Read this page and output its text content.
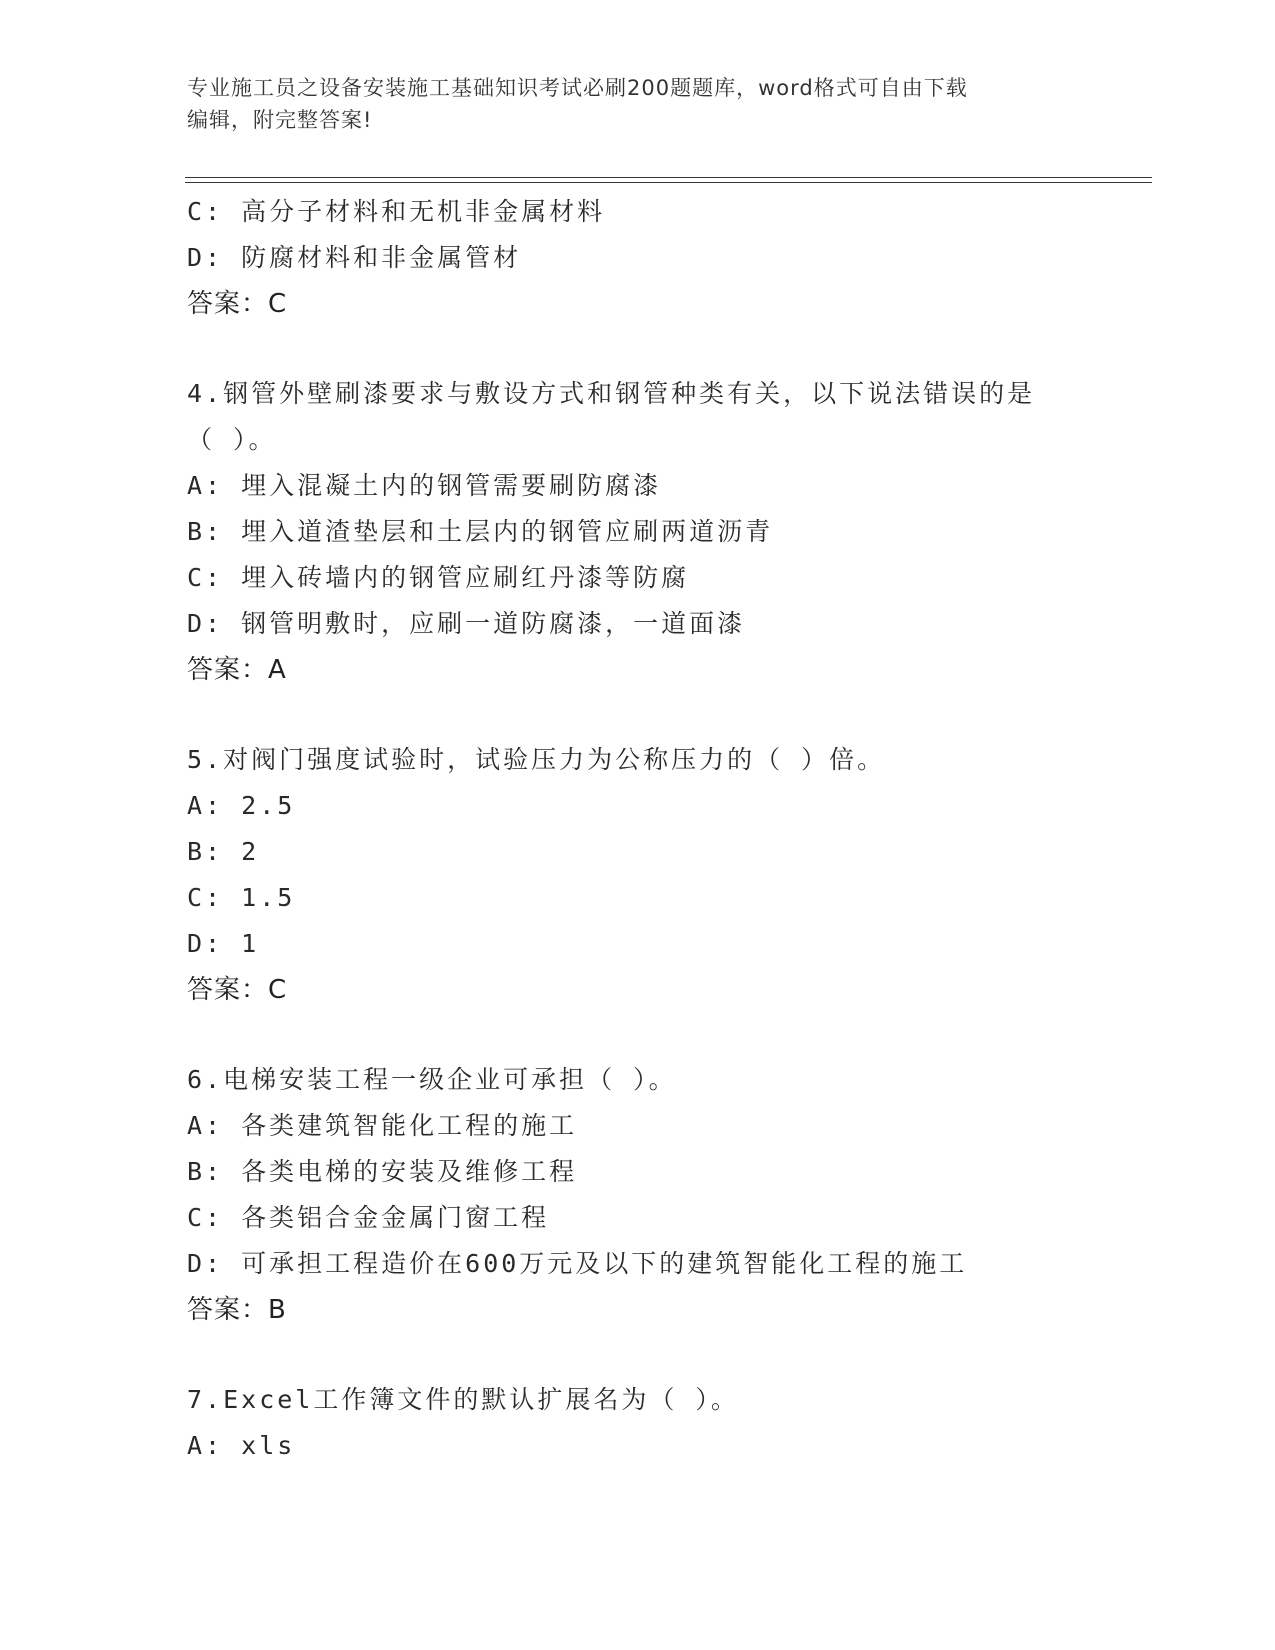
专业施工员之设备安装施工基础知识考试必刷200题题库，word格式可自由下载
编辑，附完整答案!
C: 高分子材料和无机非金属材料
D: 防腐材料和非金属管材
答案：C
4.钢管外壁刷漆要求与敷设方式和钢管种类有关，以下说法错误的是
（ ）。
A: 埋入混凝土内的钢管需要刷防腐漆
B: 埋入道渣垫层和土层内的钢管应刷两道沥青
C: 埋入砖墙内的钢管应刷红丹漆等防腐
D: 钢管明敷时，应刷一道防腐漆，一道面漆
答案：A
5.对阀门强度试验时，试验压力为公称压力的（ ）倍。
A: 2.5
B: 2
C: 1.5
D: 1
答案：C
6.电梯安装工程一级企业可承担（ ）。
A: 各类建筑智能化工程的施工
B: 各类电梯的安装及维修工程
C: 各类铝合金金属门窗工程
D: 可承担工程造价在600万元及以下的建筑智能化工程的施工
答案：B
7.Excel工作簿文件的默认扩展名为（ ）。
A: xls
